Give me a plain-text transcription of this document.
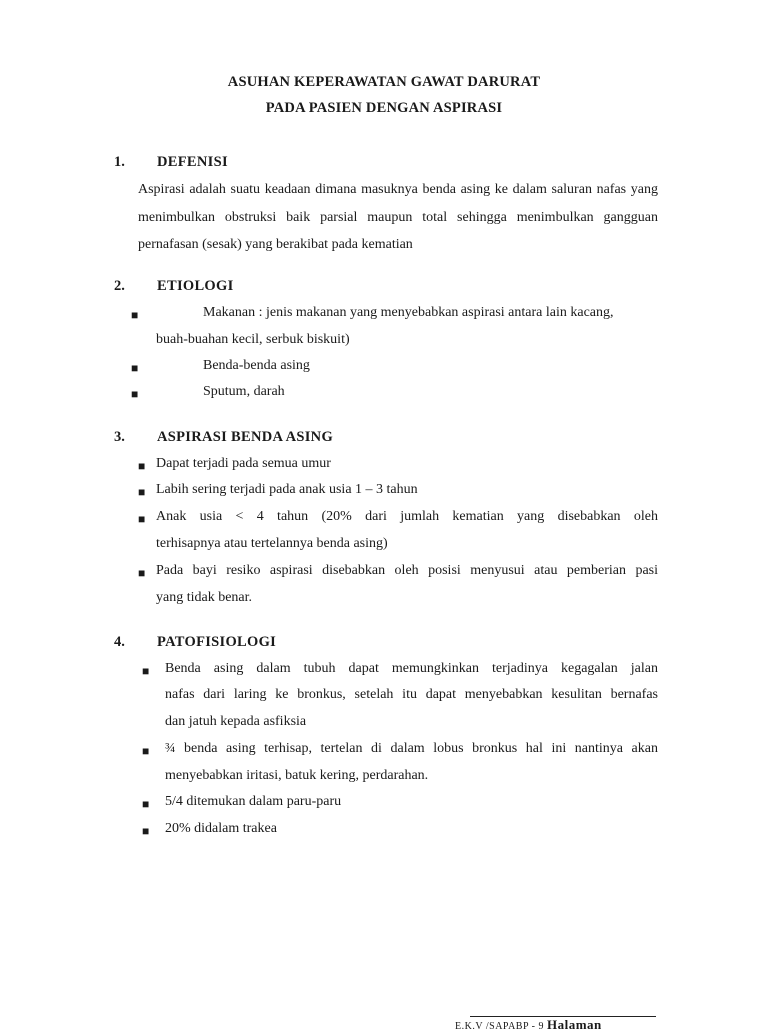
ASUHAN KEPERAWATAN GAWAT DARURAT
PADA PASIEN DENGAN ASPIRASI
1. DEFENISI
Aspirasi adalah suatu keadaan dimana masuknya benda asing ke dalam saluran nafas yang menimbulkan obstruksi baik parsial maupun total sehingga menimbulkan gangguan pernafasan (sesak) yang berakibat pada kematian
2. ETIOLOGI
■	Makanan : jenis makanan yang menyebabkan aspirasi antara lain kacang,
buah-buahan kecil, serbuk biskuit)
■	Benda-benda asing
■	Sputum, darah
3. ASPIRASI BENDA ASING
■ Dapat terjadi pada semua umur
■ Labih sering terjadi pada anak usia 1 – 3 tahun
■ Anak usia < 4 tahun (20% dari jumlah kematian yang disebabkan oleh
terhisapnya atau tertelannya benda asing)
■ Pada bayi resiko aspirasi disebabkan oleh posisi menyusui atau pemberian pasi
yang tidak benar.
4. PATOFISIOLOGI
■ Benda asing dalam tubuh dapat memungkinkan terjadinya kegagalan jalan
nafas dari laring ke bronkus, setelah itu dapat menyebabkan kesulitan bernafas
dan jatuh kepada asfiksia
■ ¾ benda asing terhisap, tertelan di dalam lobus bronkus hal ini nantinya akan
menyebabkan iritasi, batuk kering, perdarahan.
■ 5/4 ditemukan dalam paru-paru
■ 20% didalam trakea
E.K.V /SAPABP - 9 Halaman
